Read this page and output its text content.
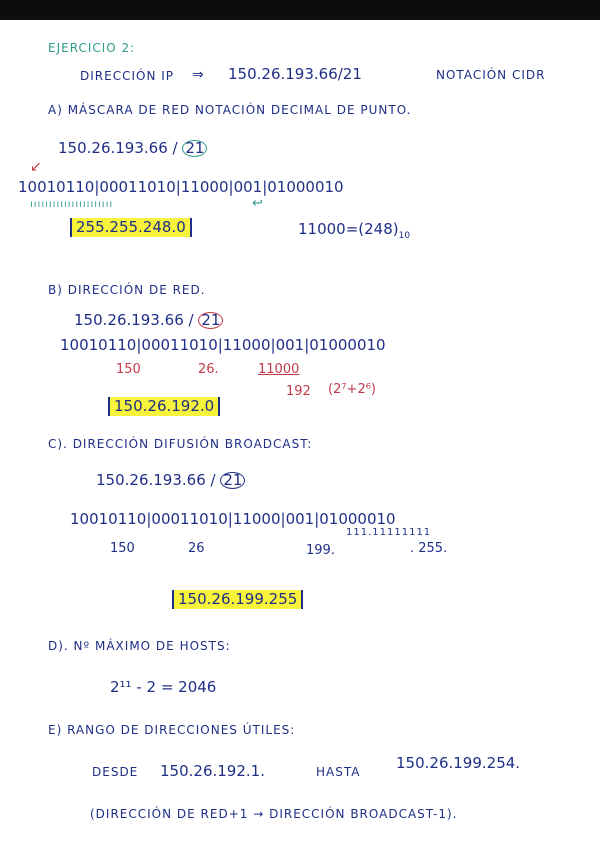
EJERCICIO 2:
DIRECCIÓN IP ⇒ 150.26.193.66/21	NOTACIÓN CIDR
A) MÁSCARA DE RED NOTACIÓN DECIMAL DE PUNTO.
150.26.193.66 / 21
↙
10010110|00011010|11000|001|01000010
ıııııııııııııııııııııı	↩
255.255.248.0	$11000=(248)_{10}$
B) DIRECCIÓN DE RED.
150.26.193.66 / 21
10010110|00011010|11000|001|01000010
150	26.	11000
192 (2⁷+2⁶)
150.26.192.0
C). DIRECCIÓN DIFUSIÓN BROADCAST:
150.26.193.66 / 21
10010110|00011010|11000|001|01000010
111.11111111
150	26	199.	. 255.
150.26.199.255
D). Nº MÁXIMO DE HOSTS:
2¹¹ - 2 = 2046
E) RANGO DE DIRECCIONES ÚTILES:
DESDE 150.26.192.1.	HASTA 150.26.199.254.
(DIRECCIÓN DE RED+1 → DIRECCIÓN BROADCAST-1).
